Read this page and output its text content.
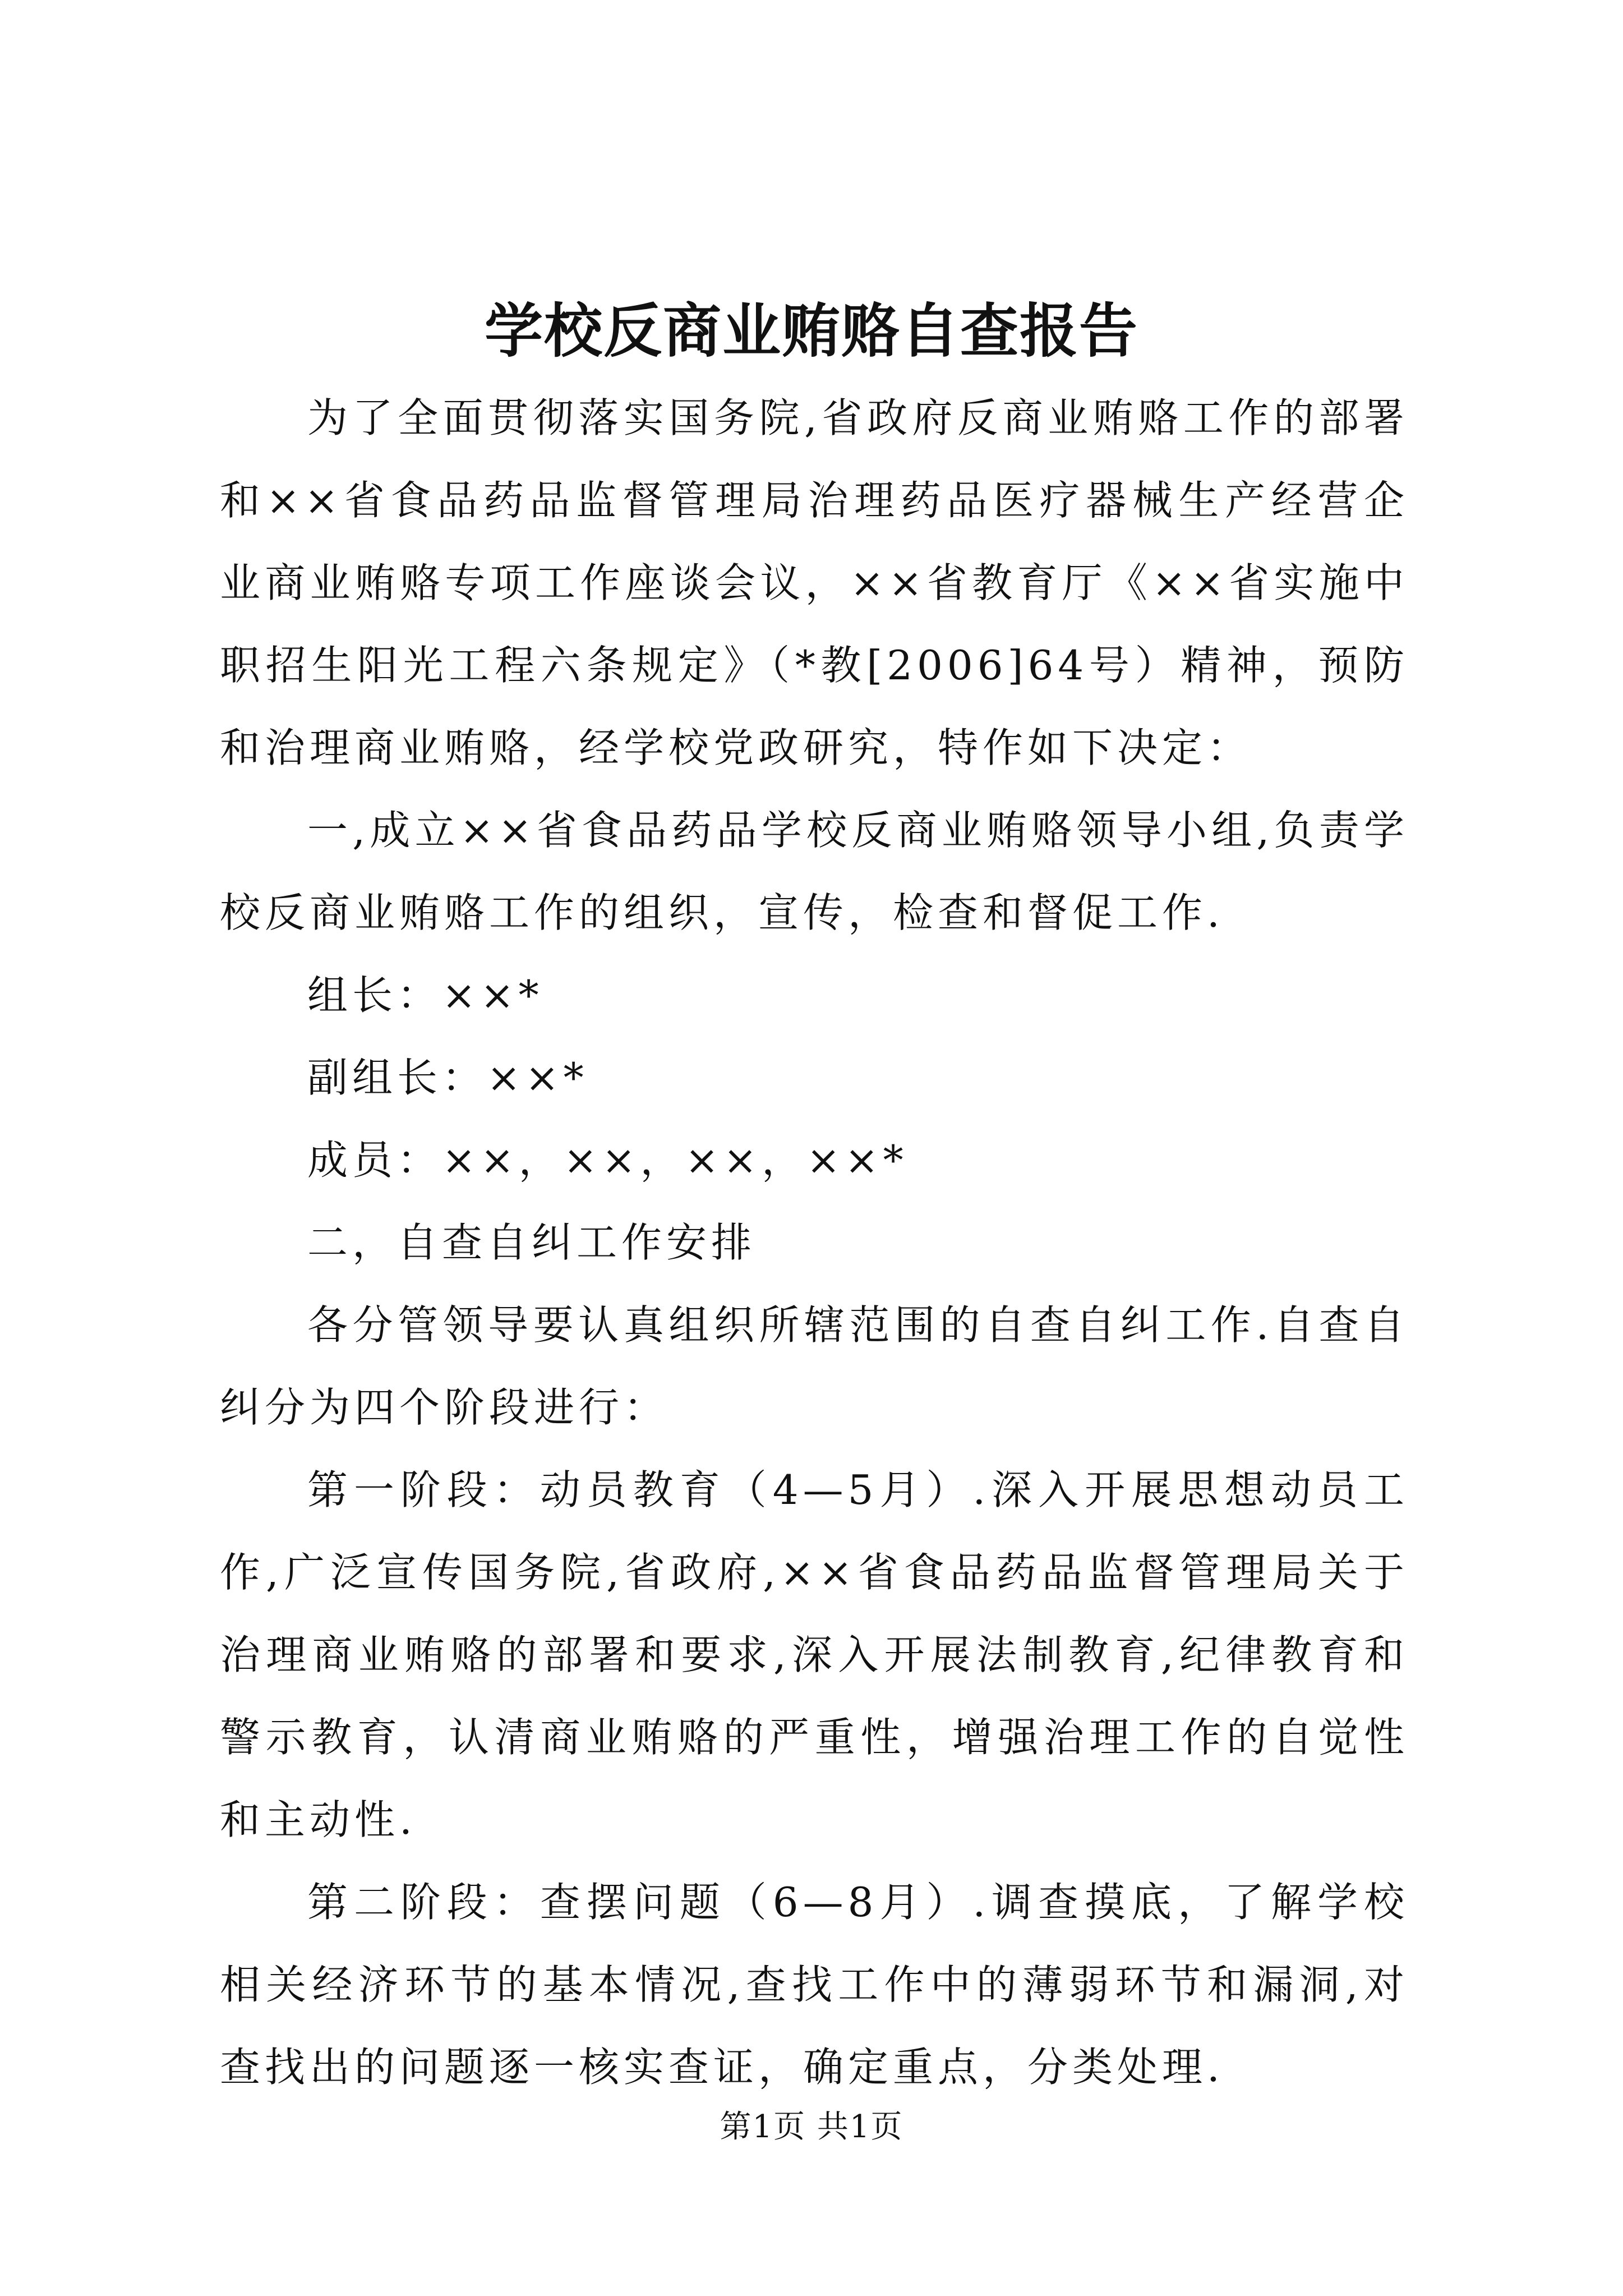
学校反商业贿赂自查报告

为了全面贯彻落实国务院,省政府反商业贿赂工作的部署和××省食品药品监督管理局治理药品医疗器械生产经营企业商业贿赂专项工作座谈会议，××省教育厅《××省实施中职招生阳光工程六条规定》（*教[2006]64号）精神，预防和治理商业贿赂，经学校党政研究，特作如下决定：

一,成立××省食品药品学校反商业贿赂领导小组,负责学校反商业贿赂工作的组织，宣传，检查和督促工作.

组长：××*

副组长：××*

成员：××，××，××，××*

二，自查自纠工作安排

各分管领导要认真组织所辖范围的自查自纠工作.自查自纠分为四个阶段进行：

第一阶段：动员教育（4—5月）.深入开展思想动员工作,广泛宣传国务院,省政府,××省食品药品监督管理局关于治理商业贿赂的部署和要求,深入开展法制教育,纪律教育和警示教育，认清商业贿赂的严重性，增强治理工作的自觉性和主动性.

第二阶段：查摆问题（6—8月）.调查摸底，了解学校相关经济环节的基本情况,查找工作中的薄弱环节和漏洞,对查找出的问题逐一核实查证，确定重点，分类处理.

第1页 共1页
